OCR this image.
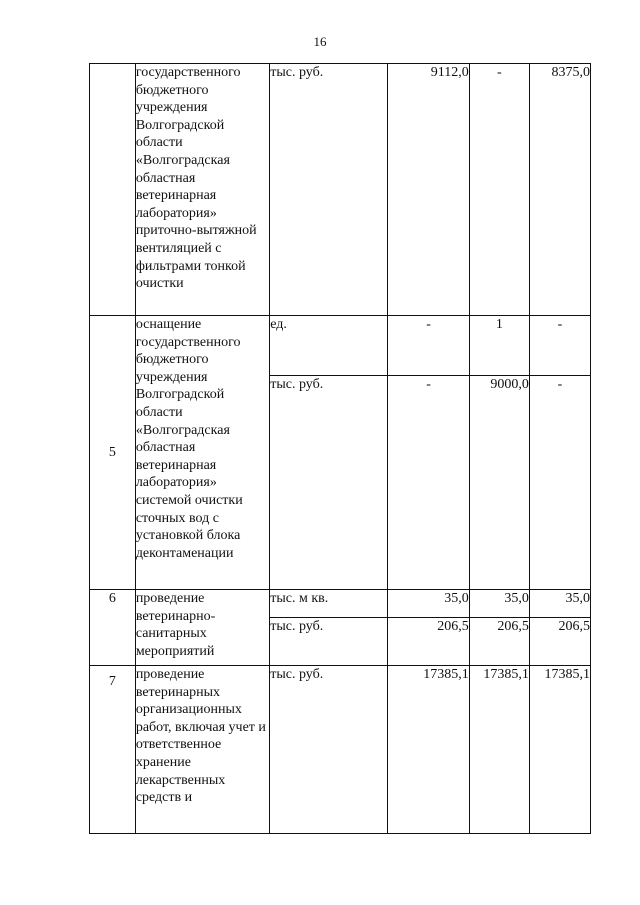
16
	государственного бюджетного учреждения Волгоградской области «Волгоградская областная ветеринарная лаборатория» приточно-вытяжной вентиляцией с фильтрами тонкой очистки	тыс. руб.	9112,0	-	8375,0
5	оснащение государственного бюджетного учреждения Волгоградской области «Волгоградская областная ветеринарная лаборатория» системой очистки сточных вод с установкой блока деконтаменации	ед.	-	1	-
		тыс. руб.	-	9000,0	-
6	проведение ветеринарно-санитарных мероприятий	тыс. м кв.	35,0	35,0	35,0
		тыс. руб.	206,5	206,5	206,5
7	проведение ветеринарных организационных работ, включая учет и ответственное хранение лекарственных средств и	тыс. руб.	17385,1	17385,1	17385,1
